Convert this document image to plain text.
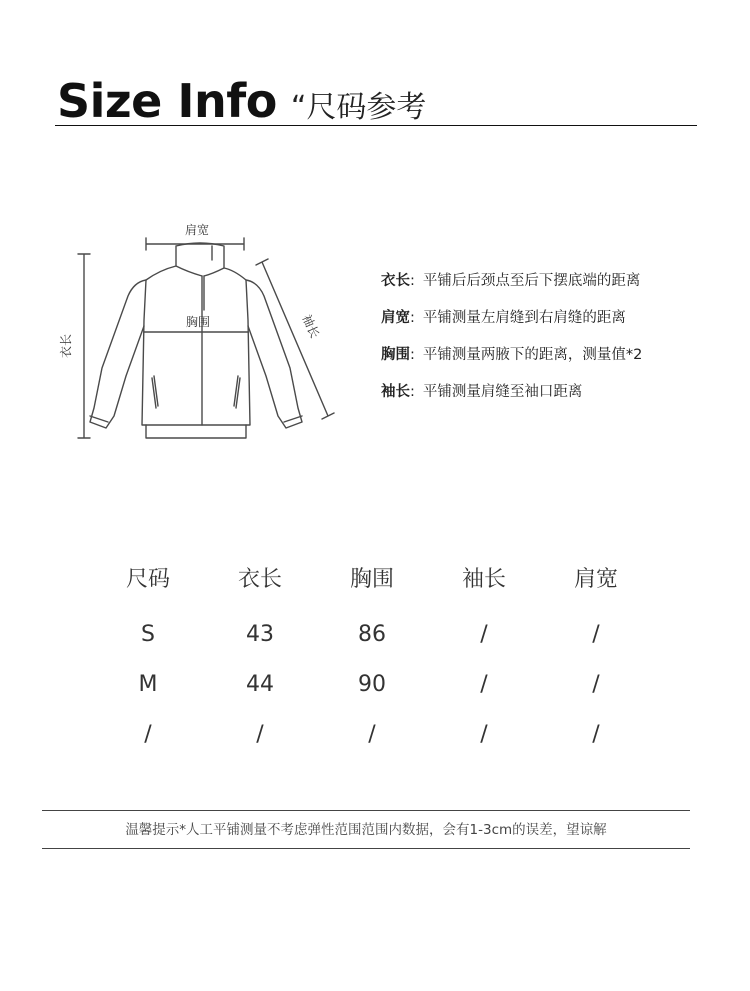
Size Info “尺码参考
肩宽
胸围
衣长
袖长
衣长: 平铺后后颈点至后下摆底端的距离
肩宽: 平铺测量左肩缝到右肩缝的距离
胸围: 平铺测量两腋下的距离，测量值*2
袖长: 平铺测量肩缝至袖口距离
尺码	衣长	胸围	袖长	肩宽
S	43	86	/	/
M	44	90	/	/
/	/	/	/	/
温馨提示*人工平铺测量不考虑弹性范围范围内数据，会有1-3cm的误差，望谅解
